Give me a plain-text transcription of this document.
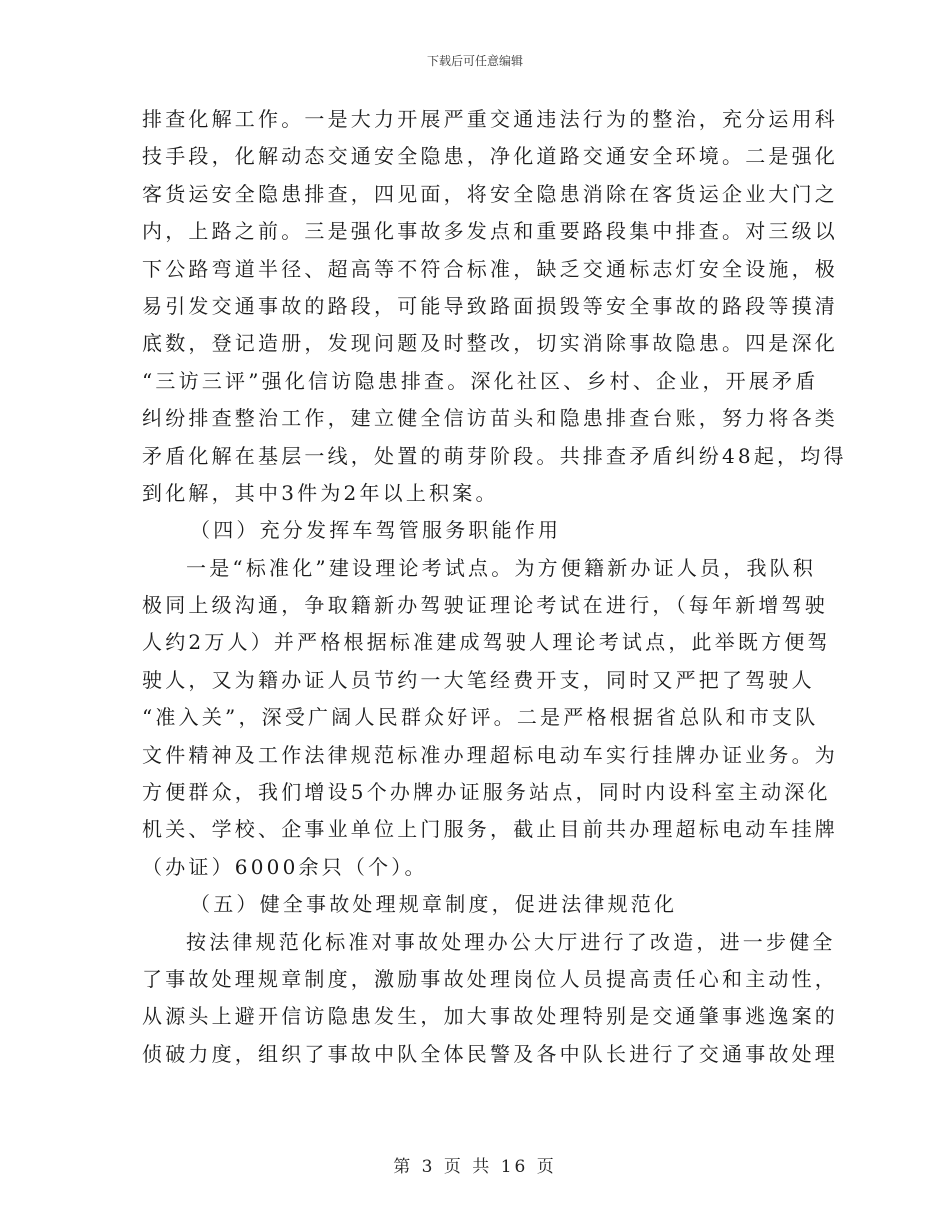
下载后可任意编辑
排查化解工作。一是大力开展严重交通违法行为的整治，充分运用科
技手段，化解动态交通安全隐患，净化道路交通安全环境。二是强化
客货运安全隐患排查，四见面，将安全隐患消除在客货运企业大门之
内，上路之前。三是强化事故多发点和重要路段集中排查。对三级以
下公路弯道半径、超高等不符合标准，缺乏交通标志灯安全设施，极
易引发交通事故的路段，可能导致路面损毁等安全事故的路段等摸清
底数，登记造册，发现问题及时整改，切实消除事故隐患。四是深化
“三访三评”强化信访隐患排查。深化社区、乡村、企业，开展矛盾
纠纷排查整治工作，建立健全信访苗头和隐患排查台账，努力将各类
矛盾化解在基层一线，处置的萌芽阶段。共排查矛盾纠纷48起，均得
到化解，其中3件为2年以上积案。
（四）充分发挥车驾管服务职能作用
一是“标准化”建设理论考试点。为方便籍新办证人员，我队积
极同上级沟通，争取籍新办驾驶证理论考试在进行，（每年新增驾驶
人约2万人）并严格根据标准建成驾驶人理论考试点，此举既方便驾
驶人，又为籍办证人员节约一大笔经费开支，同时又严把了驾驶人
“准入关”，深受广阔人民群众好评。二是严格根据省总队和市支队
文件精神及工作法律规范标准办理超标电动车实行挂牌办证业务。为
方便群众，我们增设5个办牌办证服务站点，同时内设科室主动深化
机关、学校、企事业单位上门服务，截止目前共办理超标电动车挂牌
（办证）6000余只（个）。
（五）健全事故处理规章制度，促进法律规范化
按法律规范化标准对事故处理办公大厅进行了改造，进一步健全
了事故处理规章制度，激励事故处理岗位人员提高责任心和主动性，
从源头上避开信访隐患发生，加大事故处理特别是交通肇事逃逸案的
侦破力度，组织了事故中队全体民警及各中队长进行了交通事故处理
第 3 页 共 16 页
